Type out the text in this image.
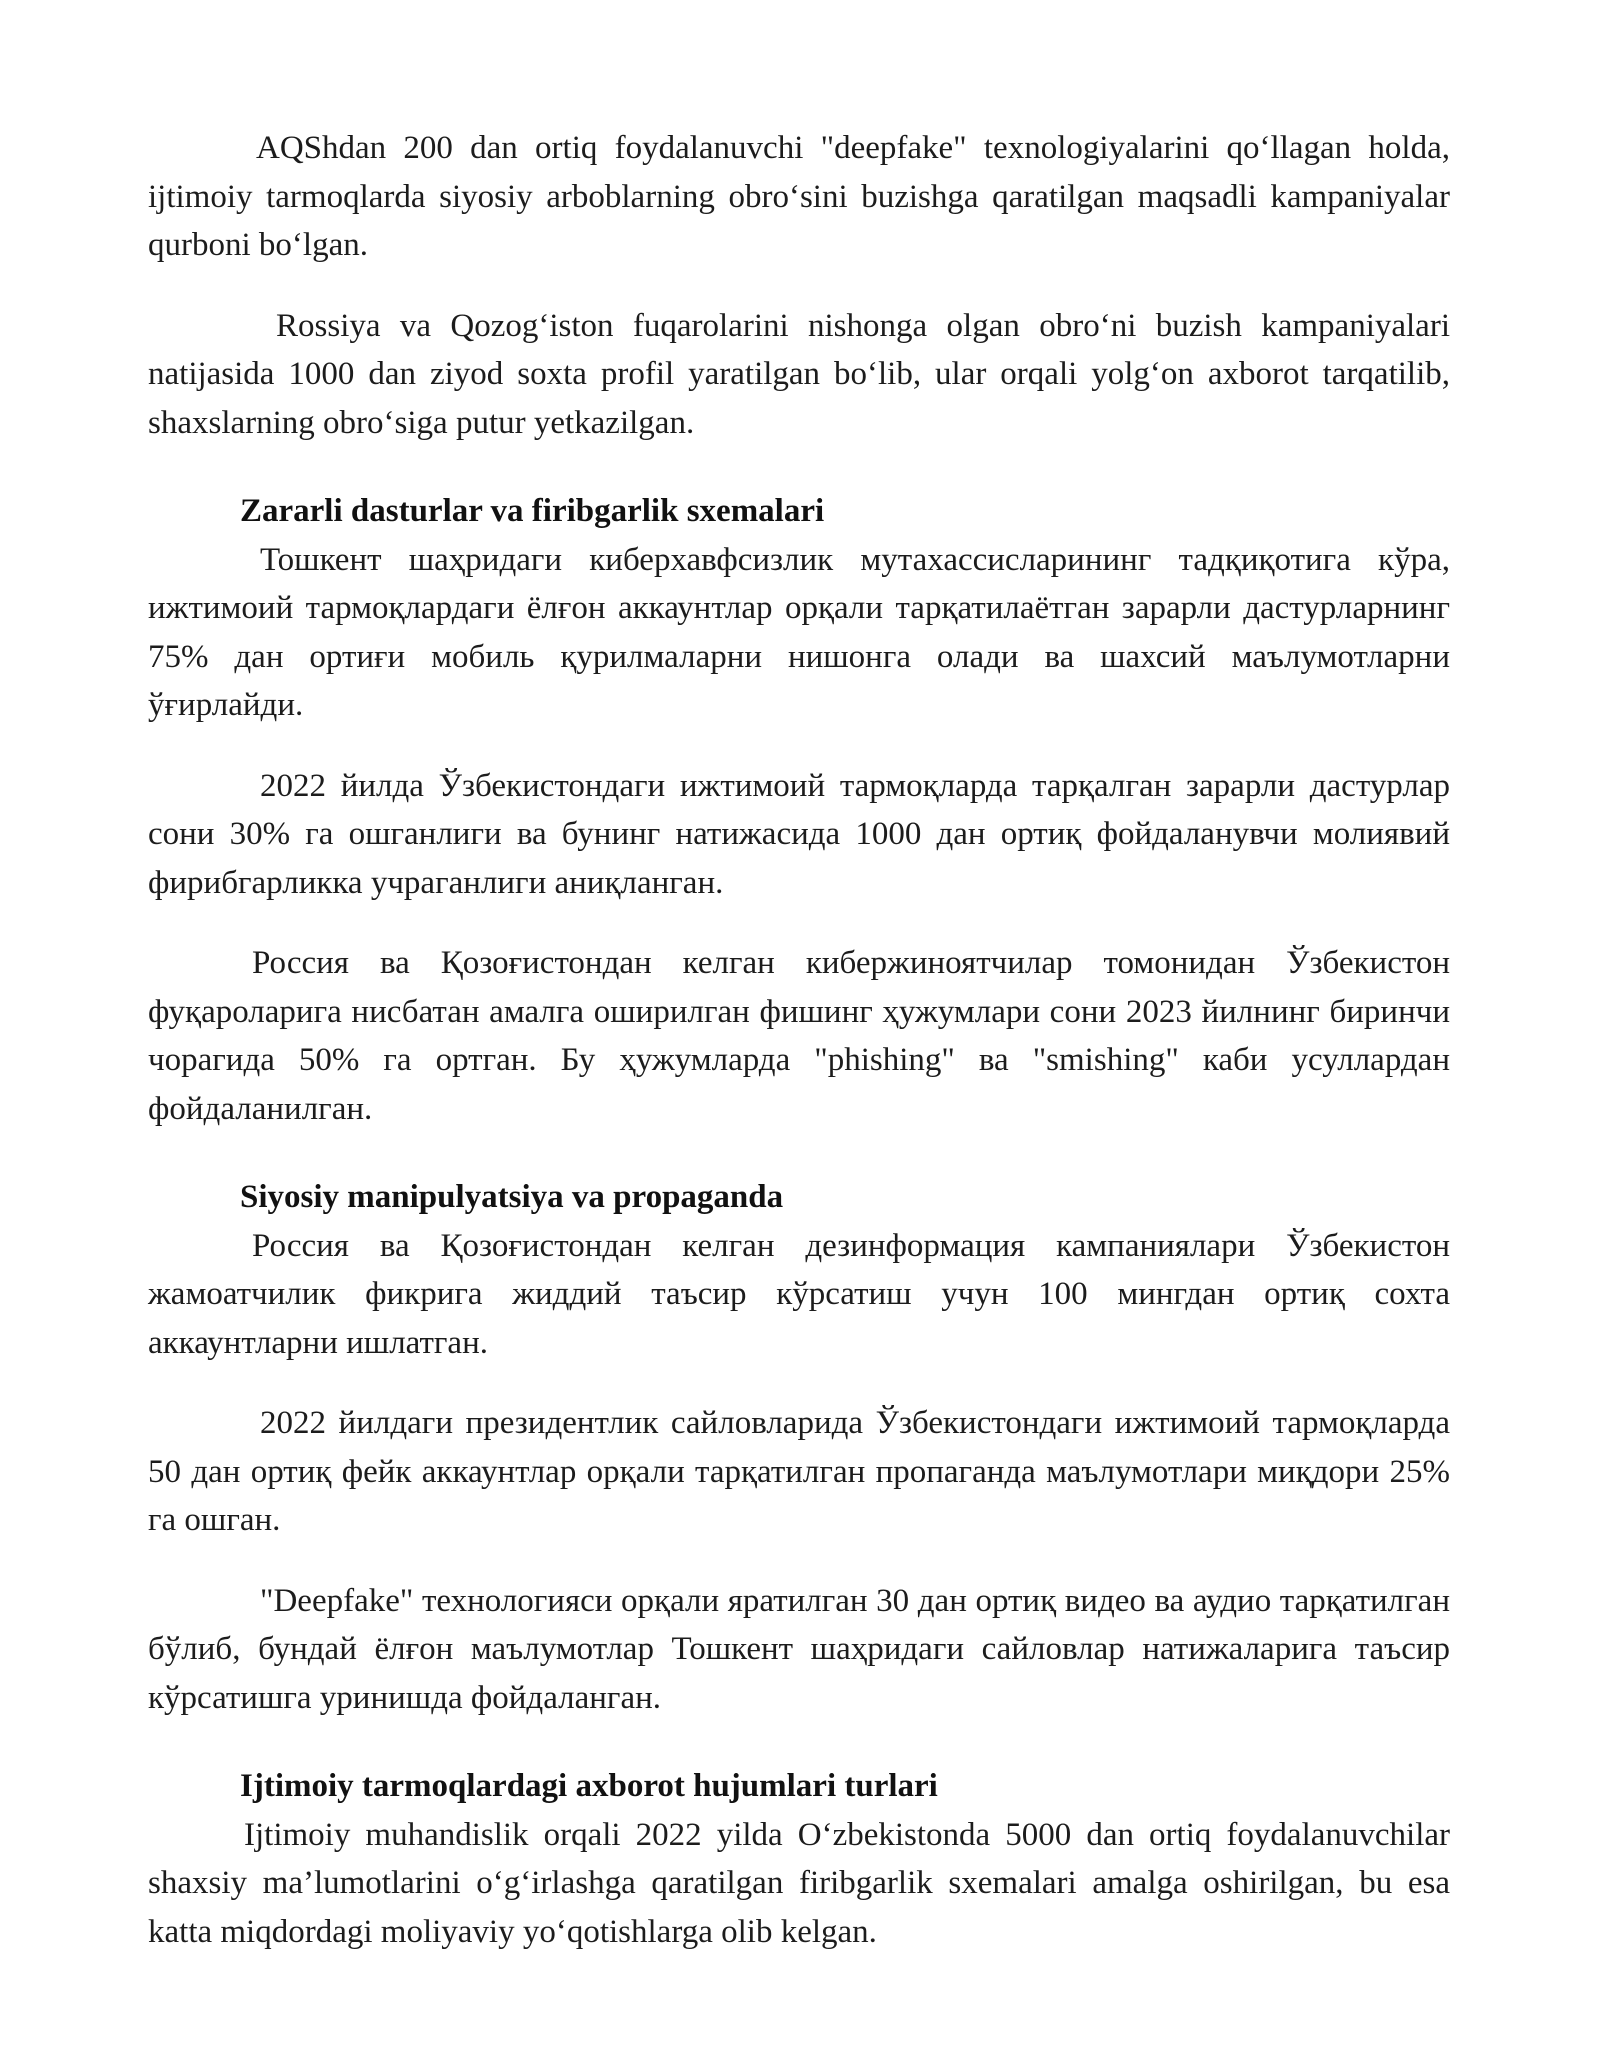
AQShdan 200 dan ortiq foydalanuvchi "deepfake" texnologiyalarini qo‘llagan holda, ijtimoiy tarmoqlarda siyosiy arboblarning obro‘sini buzishga qaratilgan maqsadli kampaniyalar qurboni bo‘lgan.

Rossiya va Qozog‘iston fuqarolarini nishonga olgan obro‘ni buzish kampaniyalari natijasida 1000 dan ziyod soxta profil yaratilgan bo‘lib, ular orqali yolg‘on axborot tarqatilib, shaxslarning obro‘siga putur yetkazilgan.

Zararli dasturlar va firibgarlik sxemalari

Тошкент шаҳридаги киберхавфсизлик мутахассисларининг тадқиқотига кўра, ижтимоий тармоқлардаги ёлғон аккаунтлар орқали тарқатилаётган зарарли дастурларнинг 75% дан ортиғи мобиль қурилмаларни нишонга олади ва шахсий маълумотларни ўғирлайди.

2022 йилда Ўзбекистондаги ижтимоий тармоқларда тарқалган зарарли дастурлар сони 30% га ошганлиги ва бунинг натижасида 1000 дан ортиқ фойдаланувчи молиявий фирибгарликка учраганлиги аниқланган.

Россия ва Қозоғистондан келган кибержиноятчилар томонидан Ўзбекистон фуқароларига нисбатан амалга оширилган фишинг ҳужумлари сони 2023 йилнинг биринчи чорагида 50% га ортган. Бу ҳужумларда "phishing" ва "smishing" каби усуллардан фойдаланилган.

Siyosiy manipulyatsiya va propaganda

Россия ва Қозоғистондан келган дезинформация кампаниялари Ўзбекистон жамоатчилик фикрига жиддий таъсир кўрсатиш учун 100 мингдан ортиқ сохта аккаунтларни ишлатган.

2022 йилдаги президентлик сайловларида Ўзбекистондаги ижтимоий тармоқларда 50 дан ортиқ фейк аккаунтлар орқали тарқатилган пропаганда маълумотлари миқдори 25% га ошган.

"Deepfake" технологияси орқали яратилган 30 дан ортиқ видео ва аудио тарқатилган бўлиб, бундай ёлғон маълумотлар Тошкент шаҳридаги сайловлар натижаларига таъсир кўрсатишга уринишда фойдаланган.

Ijtimoiy tarmoqlardagi axborot hujumlari turlari

Ijtimoiy muhandislik orqali 2022 yilda O‘zbekistonda 5000 dan ortiq foydalanuvchilar shaxsiy ma’lumotlarini o‘g‘irlashga qaratilgan firibgarlik sxemalari amalga oshirilgan, bu esa katta miqdordagi moliyaviy yo‘qotishlarga olib kelgan.
